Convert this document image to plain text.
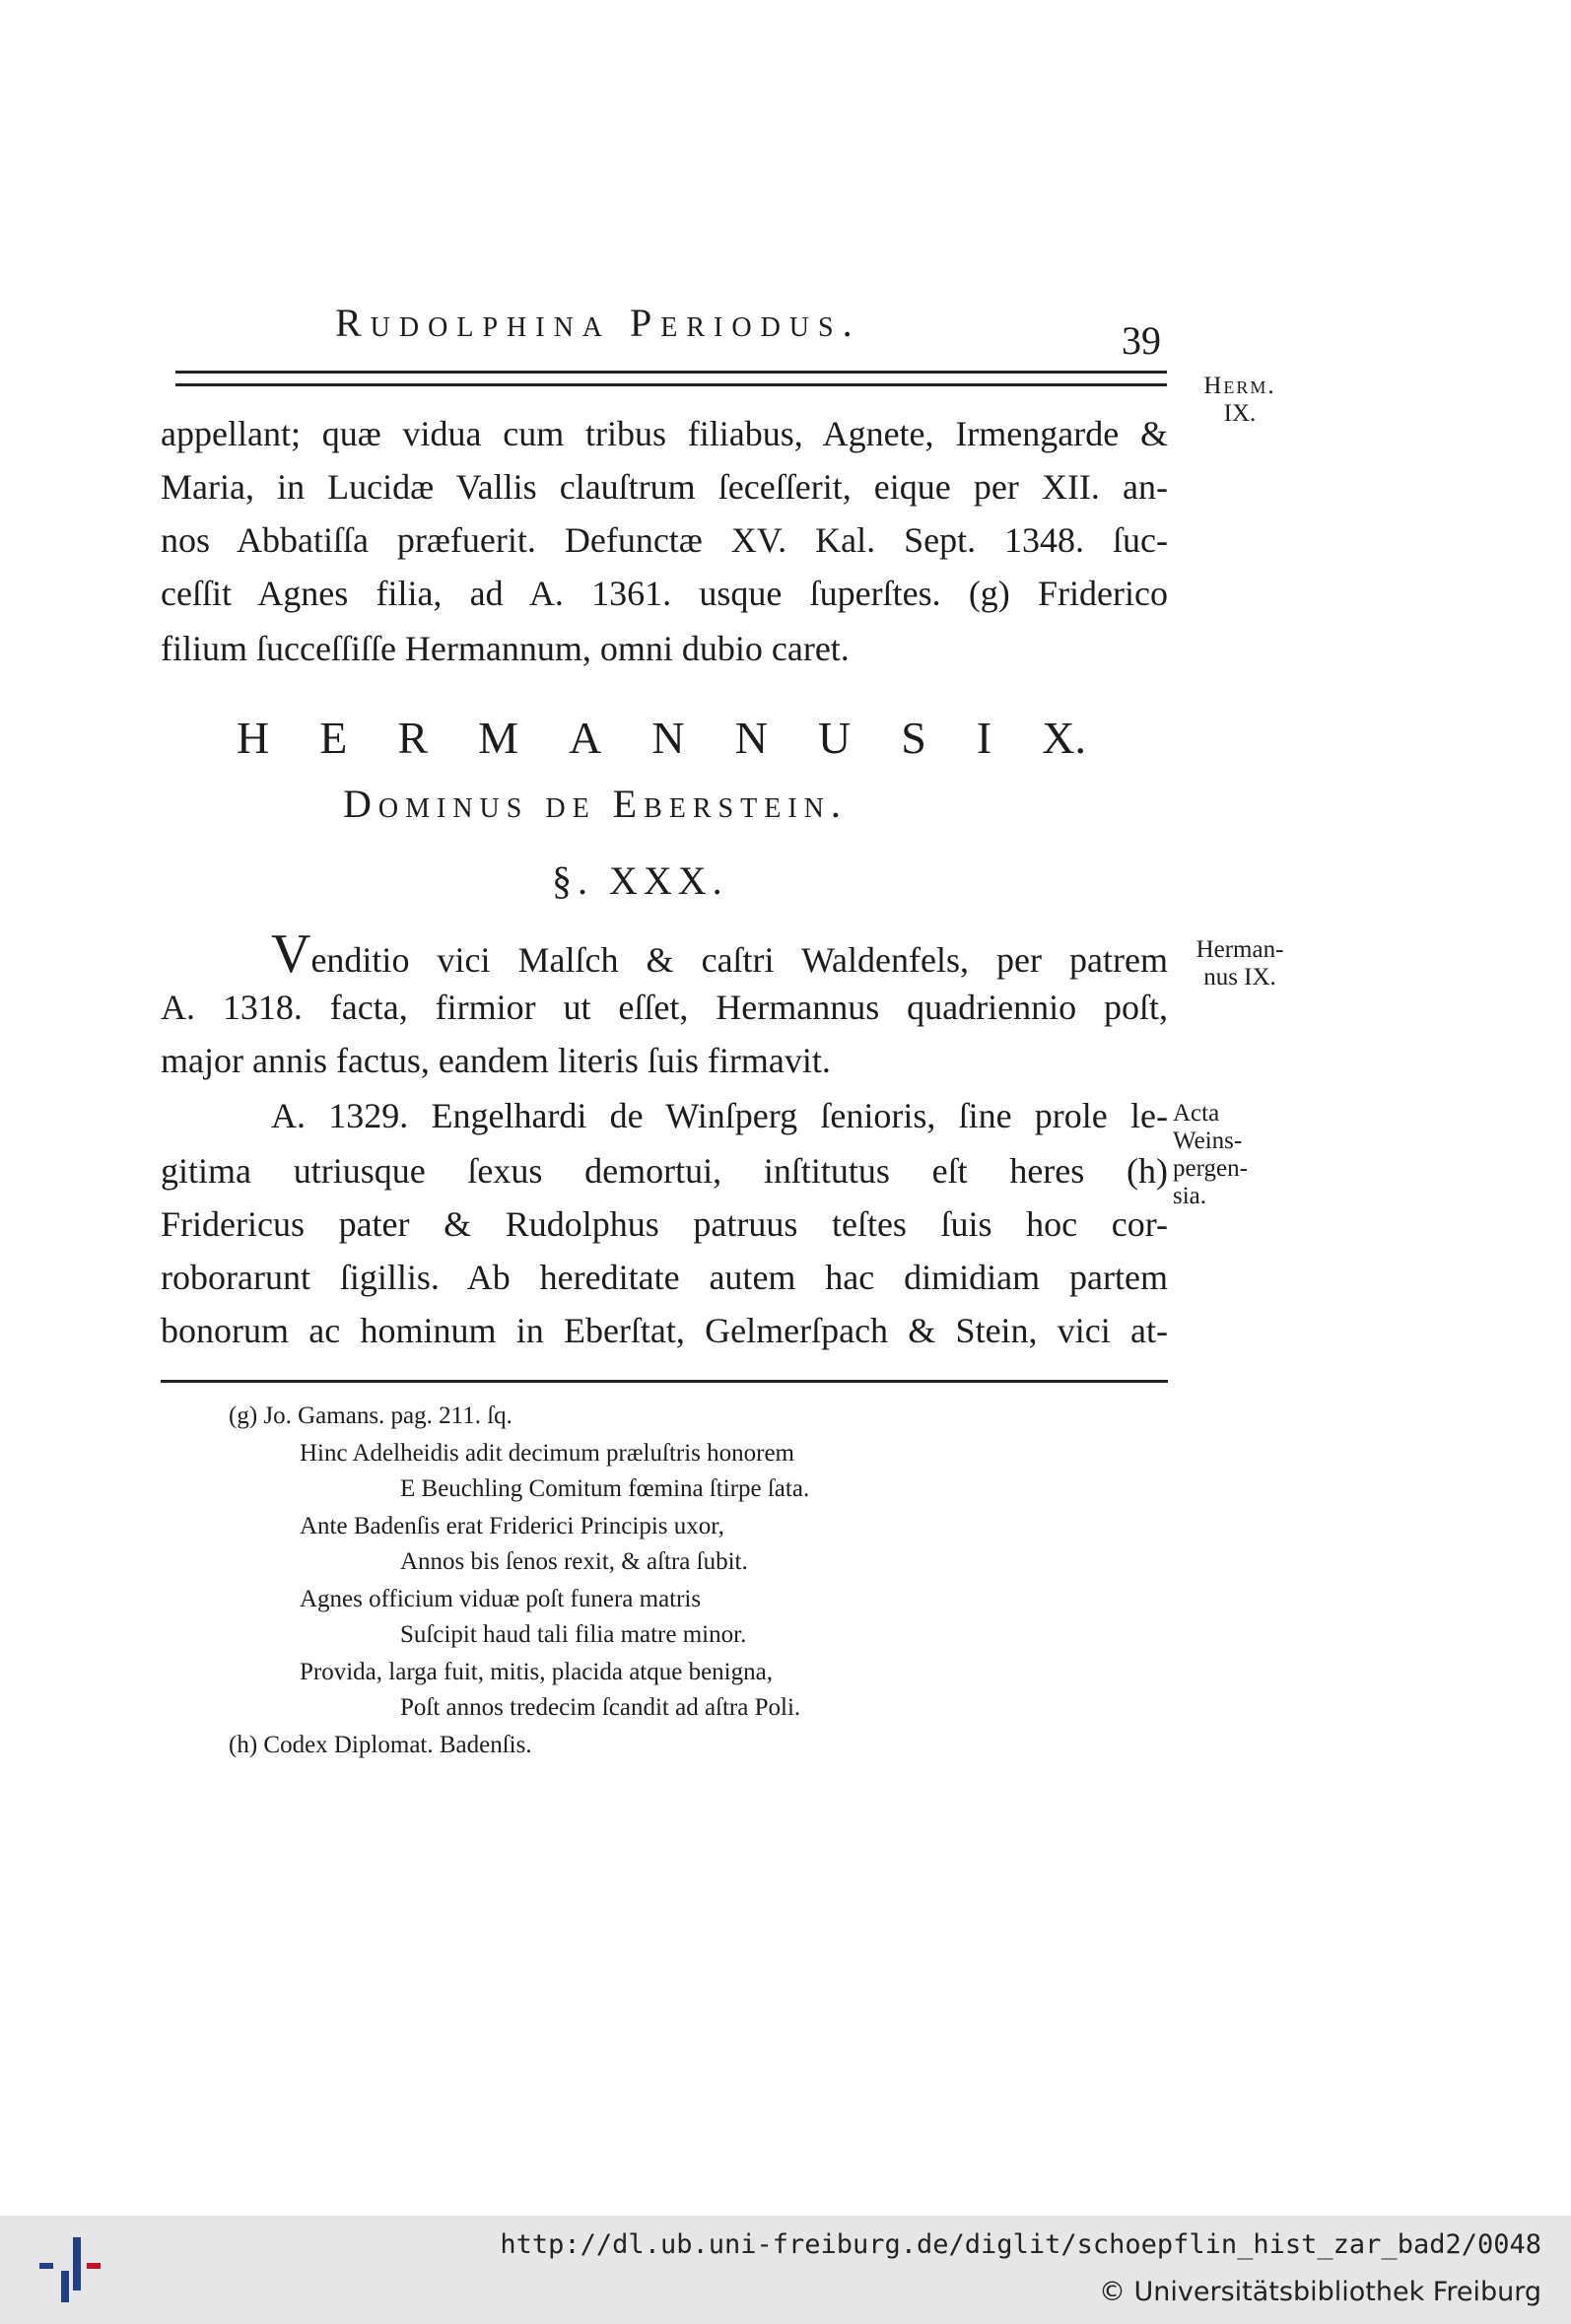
Rudolphina Periodus.	39
Herm.
IX.
Herman-
nus IX.
Acta
Weins-
pergen-
sia.
appellant; quæ vidua cum tribus filiabus, Agnete, Irmengarde &
Maria, in Lucidæ Vallis clauſtrum ſeceſſerit, eique per XII. an-
nos Abbatiſſa præfuerit. Defunctæ XV. Kal. Sept. 1348. ſuc-
ceſſit Agnes filia, ad A. 1361. usque ſuperſtes. (g) Friderico
filium ſucceſſiſſe Hermannum, omni dubio caret.
H E R M A N N U S I X.
Dominus de Eberstein.
§. XXX.
Venditio vici Malſch & caſtri Waldenfels, per patrem
A. 1318. facta, firmior ut eſſet, Hermannus quadriennio poſt,
major annis factus, eandem literis ſuis firmavit.
A. 1329. Engelhardi de Winſperg ſenioris, ſine prole le-
gitima utriusque ſexus demortui, inſtitutus eſt heres (h)
Fridericus pater & Rudolphus patruus teſtes ſuis hoc cor-
roborarunt ſigillis. Ab hereditate autem hac dimidiam partem
bonorum ac hominum in Eberſtat, Gelmerſpach & Stein, vici at-
(g) Jo. Gamans. pag. 211. ſq.
Hinc Adelheidis adit decimum præluſtris honorem
E Beuchling Comitum fœmina ſtirpe ſata.
Ante Badenſis erat Friderici Principis uxor,
Annos bis ſenos rexit, & aſtra ſubit.
Agnes officium viduæ poſt funera matris
Suſcipit haud tali filia matre minor.
Provida, larga fuit, mitis, placida atque benigna,
Poſt annos tredecim ſcandit ad aſtra Poli.
(h) Codex Diplomat. Badenſis.
http://dl.ub.uni-freiburg.de/diglit/schoepflin_hist_zar_bad2/0048
© Universitätsbibliothek Freiburg
